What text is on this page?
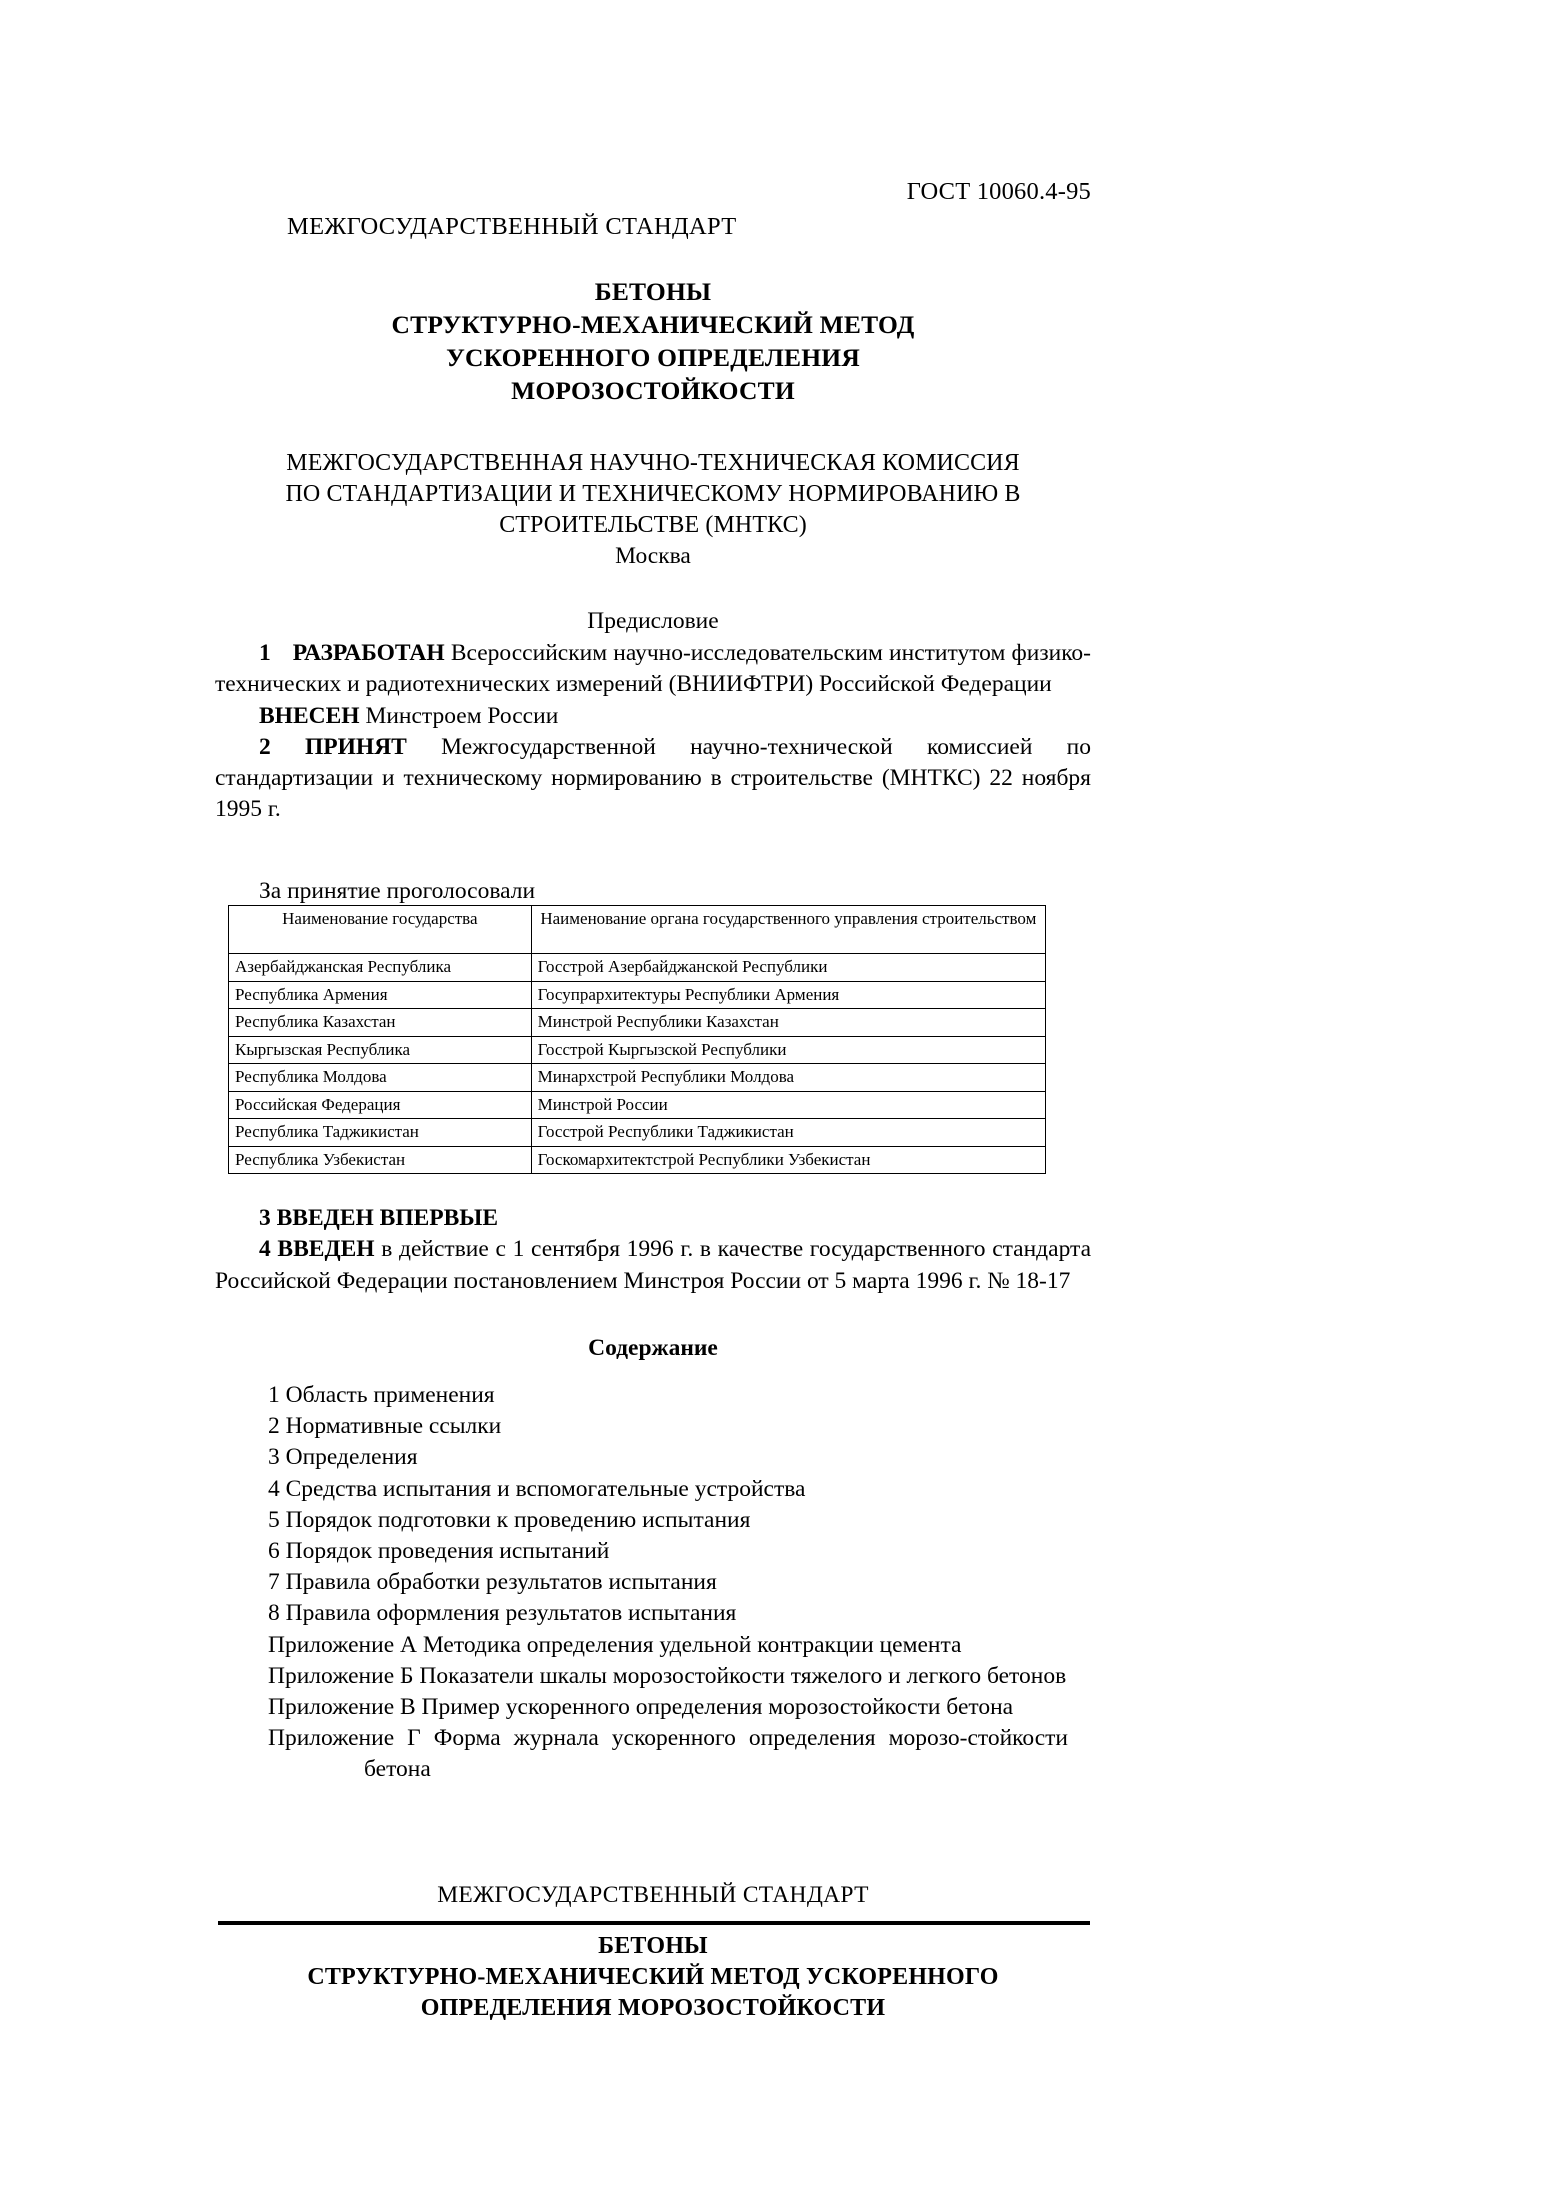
ГОСТ 10060.4-95
МЕЖГОСУДАРСТВЕННЫЙ СТАНДАРТ
БЕТОНЫ
СТРУКТУРНО-МЕХАНИЧЕСКИЙ МЕТОД
УСКОРЕННОГО ОПРЕДЕЛЕНИЯ
МОРОЗОСТОЙКОСТИ
МЕЖГОСУДАРСТВЕННАЯ НАУЧНО-ТЕХНИЧЕСКАЯ КОМИССИЯ
ПО СТАНДАРТИЗАЦИИ И ТЕХНИЧЕСКОМУ НОРМИРОВАНИЮ В
СТРОИТЕЛЬСТВЕ (МНТКС)
Москва
Предисловие

1 РАЗРАБОТАН Всероссийским научно-исследовательским институтом физико-технических и радиотехнических измерений (ВНИИФТРИ) Российской Федерации

ВНЕСЕН Минстроем России

2 ПРИНЯТ Межгосударственной научно-технической комиссией по стандартизации и техническому нормированию в строительстве (МНТКС) 22 ноября 1995 г.

За принятие проголосовали
Наименование государства	Наименование органа государственного управления строительством
Азербайджанская Республика	Госстрой Азербайджанской Республики
Республика Армения	Госупрархитектуры Республики Армения
Республика Казахстан	Минстрой Республики Казахстан
Кыргызская Республика	Госстрой Кыргызской Республики
Республика Молдова	Минархстрой Республики Молдова
Российская Федерация	Минстрой России
Республика Таджикистан	Госстрой Республики Таджикистан
Республика Узбекистан	Госкомархитектстрой Республики Узбекистан

3 ВВЕДЕН ВПЕРВЫЕ

4 ВВЕДЕН в действие с 1 сентября 1996 г. в качестве государственного стандарта Российской Федерации постановлением Минстроя России от 5 марта 1996 г. № 18-17

Содержание

1 Область применения

2 Нормативные ссылки

3 Определения

4 Средства испытания и вспомогательные устройства

5 Порядок подготовки к проведению испытания

6 Порядок проведения испытаний

7 Правила обработки результатов испытания

8 Правила оформления результатов испытания

Приложение А Методика определения удельной контракции цемента

Приложение Б Показатели шкалы морозостойкости тяжелого и легкого бетонов

Приложение В Пример ускоренного определения морозостойкости бетона

Приложение Г Форма журнала ускоренного определения морозо-стойкости бетона

МЕЖГОСУДАРСТВЕННЫЙ СТАНДАРТ
БЕТОНЫ
СТРУКТУРНО-МЕХАНИЧЕСКИЙ МЕТОД УСКОРЕННОГО
ОПРЕДЕЛЕНИЯ МОРОЗОСТОЙКОСТИ
